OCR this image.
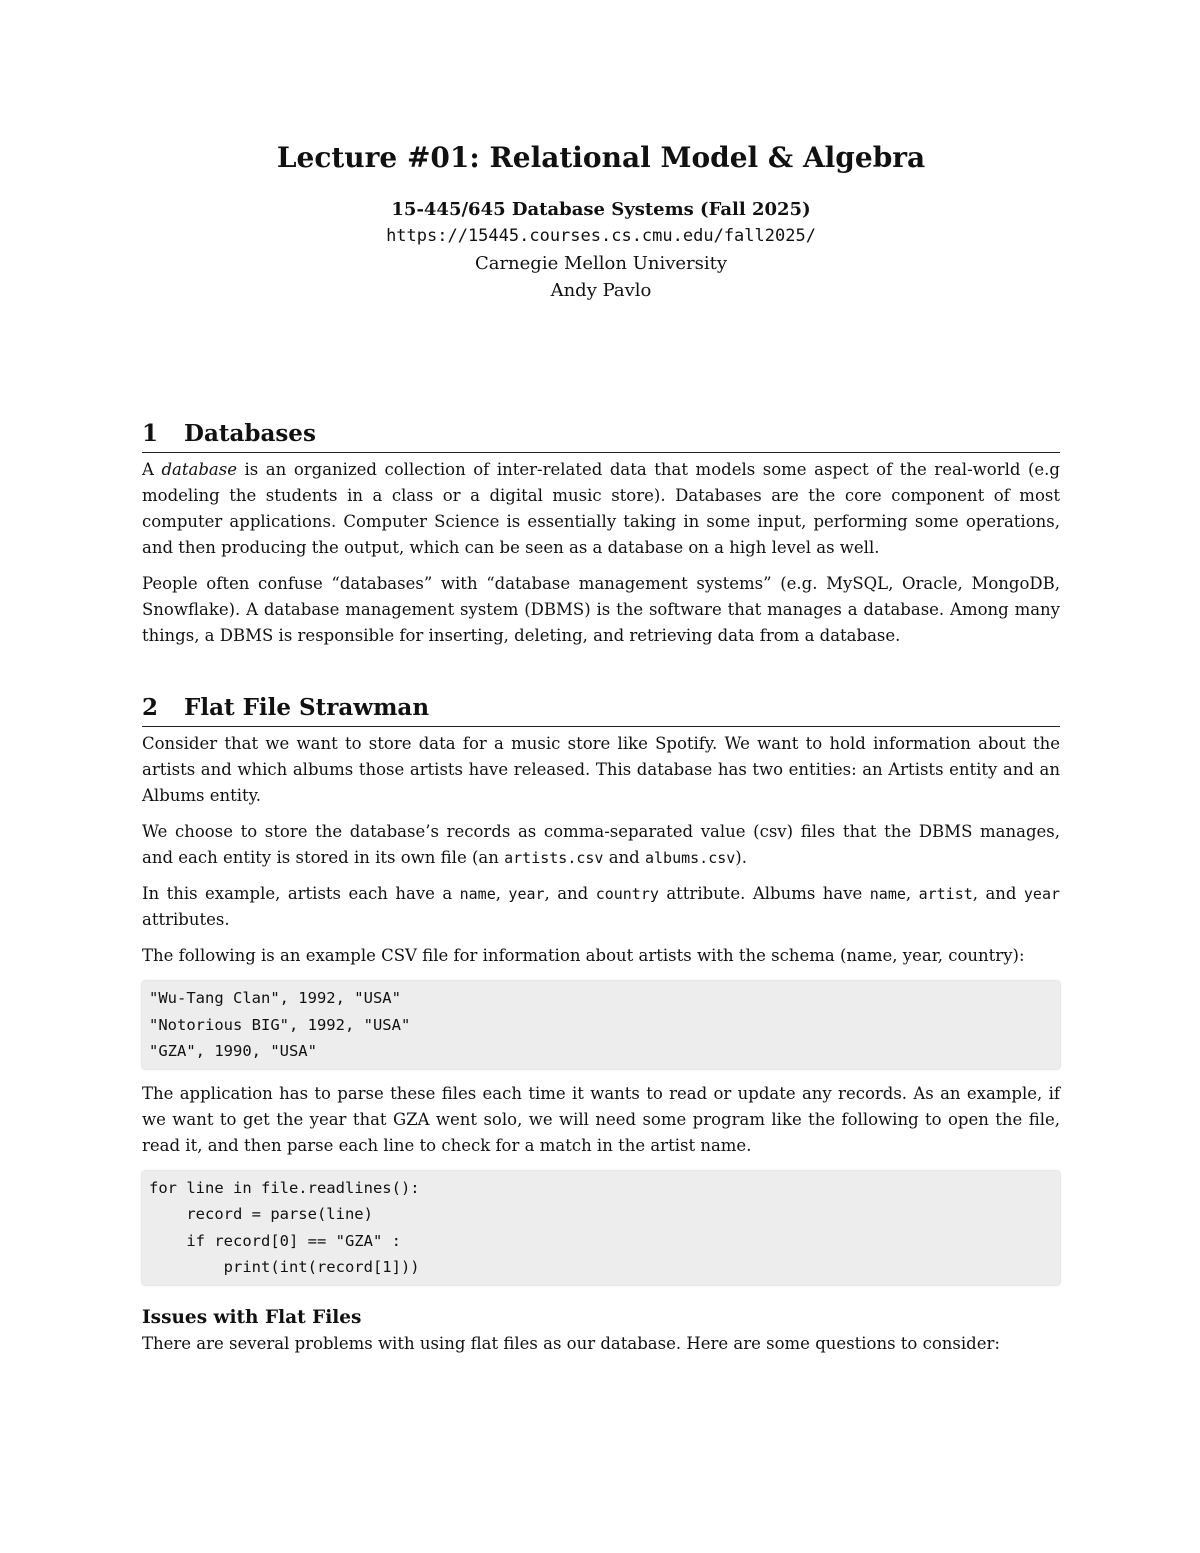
Lecture #01: Relational Model & Algebra
15-445/645 Database Systems (Fall 2025)
https://15445.courses.cs.cmu.edu/fall2025/
Carnegie Mellon University
Andy Pavlo
1	Databases

A database is an organized collection of inter-related data that models some aspect of the real-world (e.g modeling the students in a class or a digital music store). Databases are the core component of most computer applications. Computer Science is essentially taking in some input, performing some operations, and then producing the output, which can be seen as a database on a high level as well.

People often confuse “databases” with “database management systems” (e.g. MySQL, Oracle, MongoDB, Snowflake). A database management system (DBMS) is the software that manages a database. Among many things, a DBMS is responsible for inserting, deleting, and retrieving data from a database.

2	Flat File Strawman

Consider that we want to store data for a music store like Spotify. We want to hold information about the artists and which albums those artists have released. This database has two entities: an Artists entity and an Albums entity.

We choose to store the database’s records as comma-separated value (csv) files that the DBMS manages, and each entity is stored in its own file (an artists.csv and albums.csv).

In this example, artists each have a name, year, and country attribute. Albums have name, artist, and year attributes.

The following is an example CSV file for information about artists with the schema (name, year, country):

"Wu-Tang Clan", 1992, "USA"
"Notorious BIG", 1992, "USA"
"GZA", 1990, "USA"

The application has to parse these files each time it wants to read or update any records. As an example, if we want to get the year that GZA went solo, we will need some program like the following to open the file, read it, and then parse each line to check for a match in the artist name.

for line in file.readlines():
record = parse(line)
if record[0] == "GZA" :
print(int(record[1]))
Issues with Flat Files

There are several problems with using flat files as our database. Here are some questions to consider:
